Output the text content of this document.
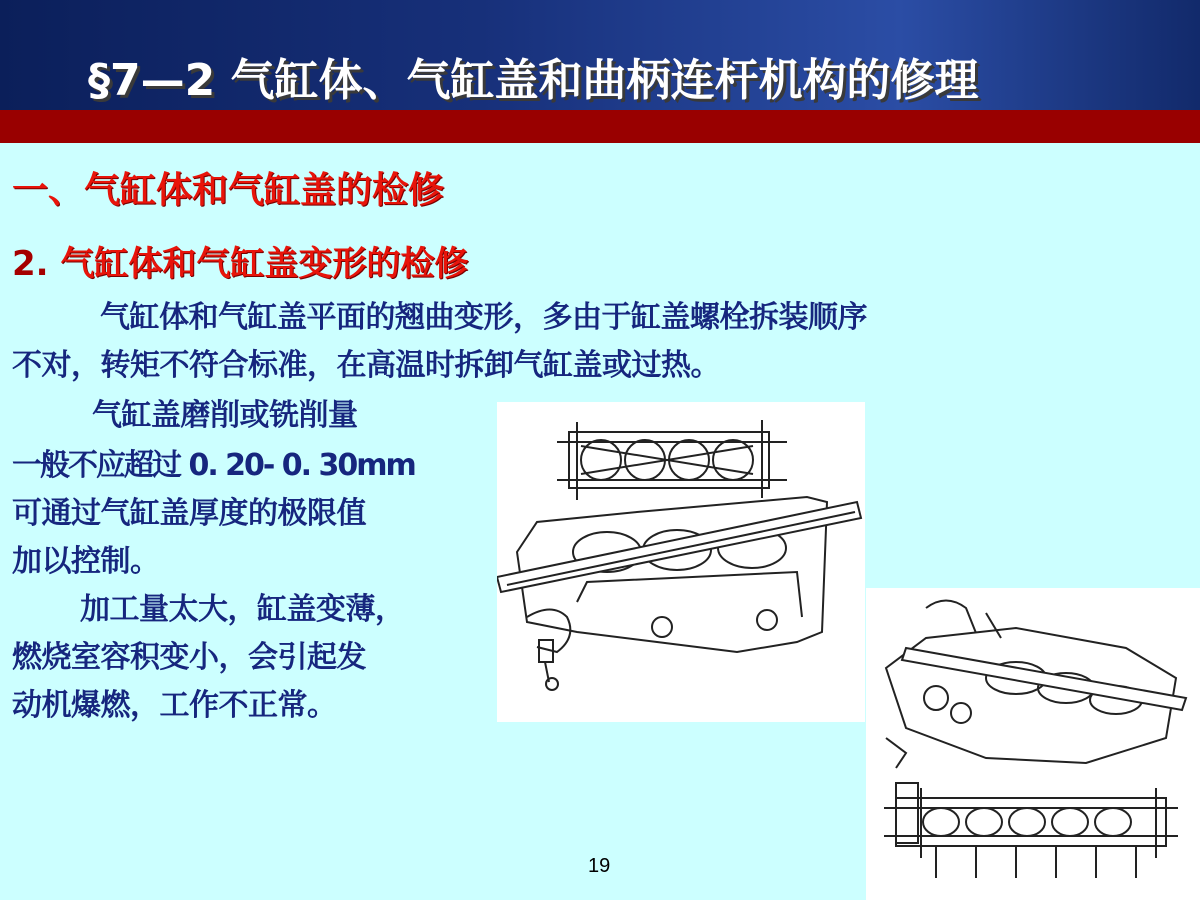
§7—2 气缸体、气缸盖和曲柄连杆机构的修理
一、气缸体和气缸盖的检修
2. 气缸体和气缸盖变形的检修
气缸体和气缸盖平面的翘曲变形，多由于缸盖螺栓拆装顺序
不对，转矩不符合标准，在高温时拆卸气缸盖或过热。
气缸盖磨削或铣削量
一般不应超过 0. 20- 0. 30mm
可通过气缸盖厚度的极限值
加以控制。
加工量太大，缸盖变薄，
燃烧室容积变小，会引起发
动机爆燃，工作不正常。
19
